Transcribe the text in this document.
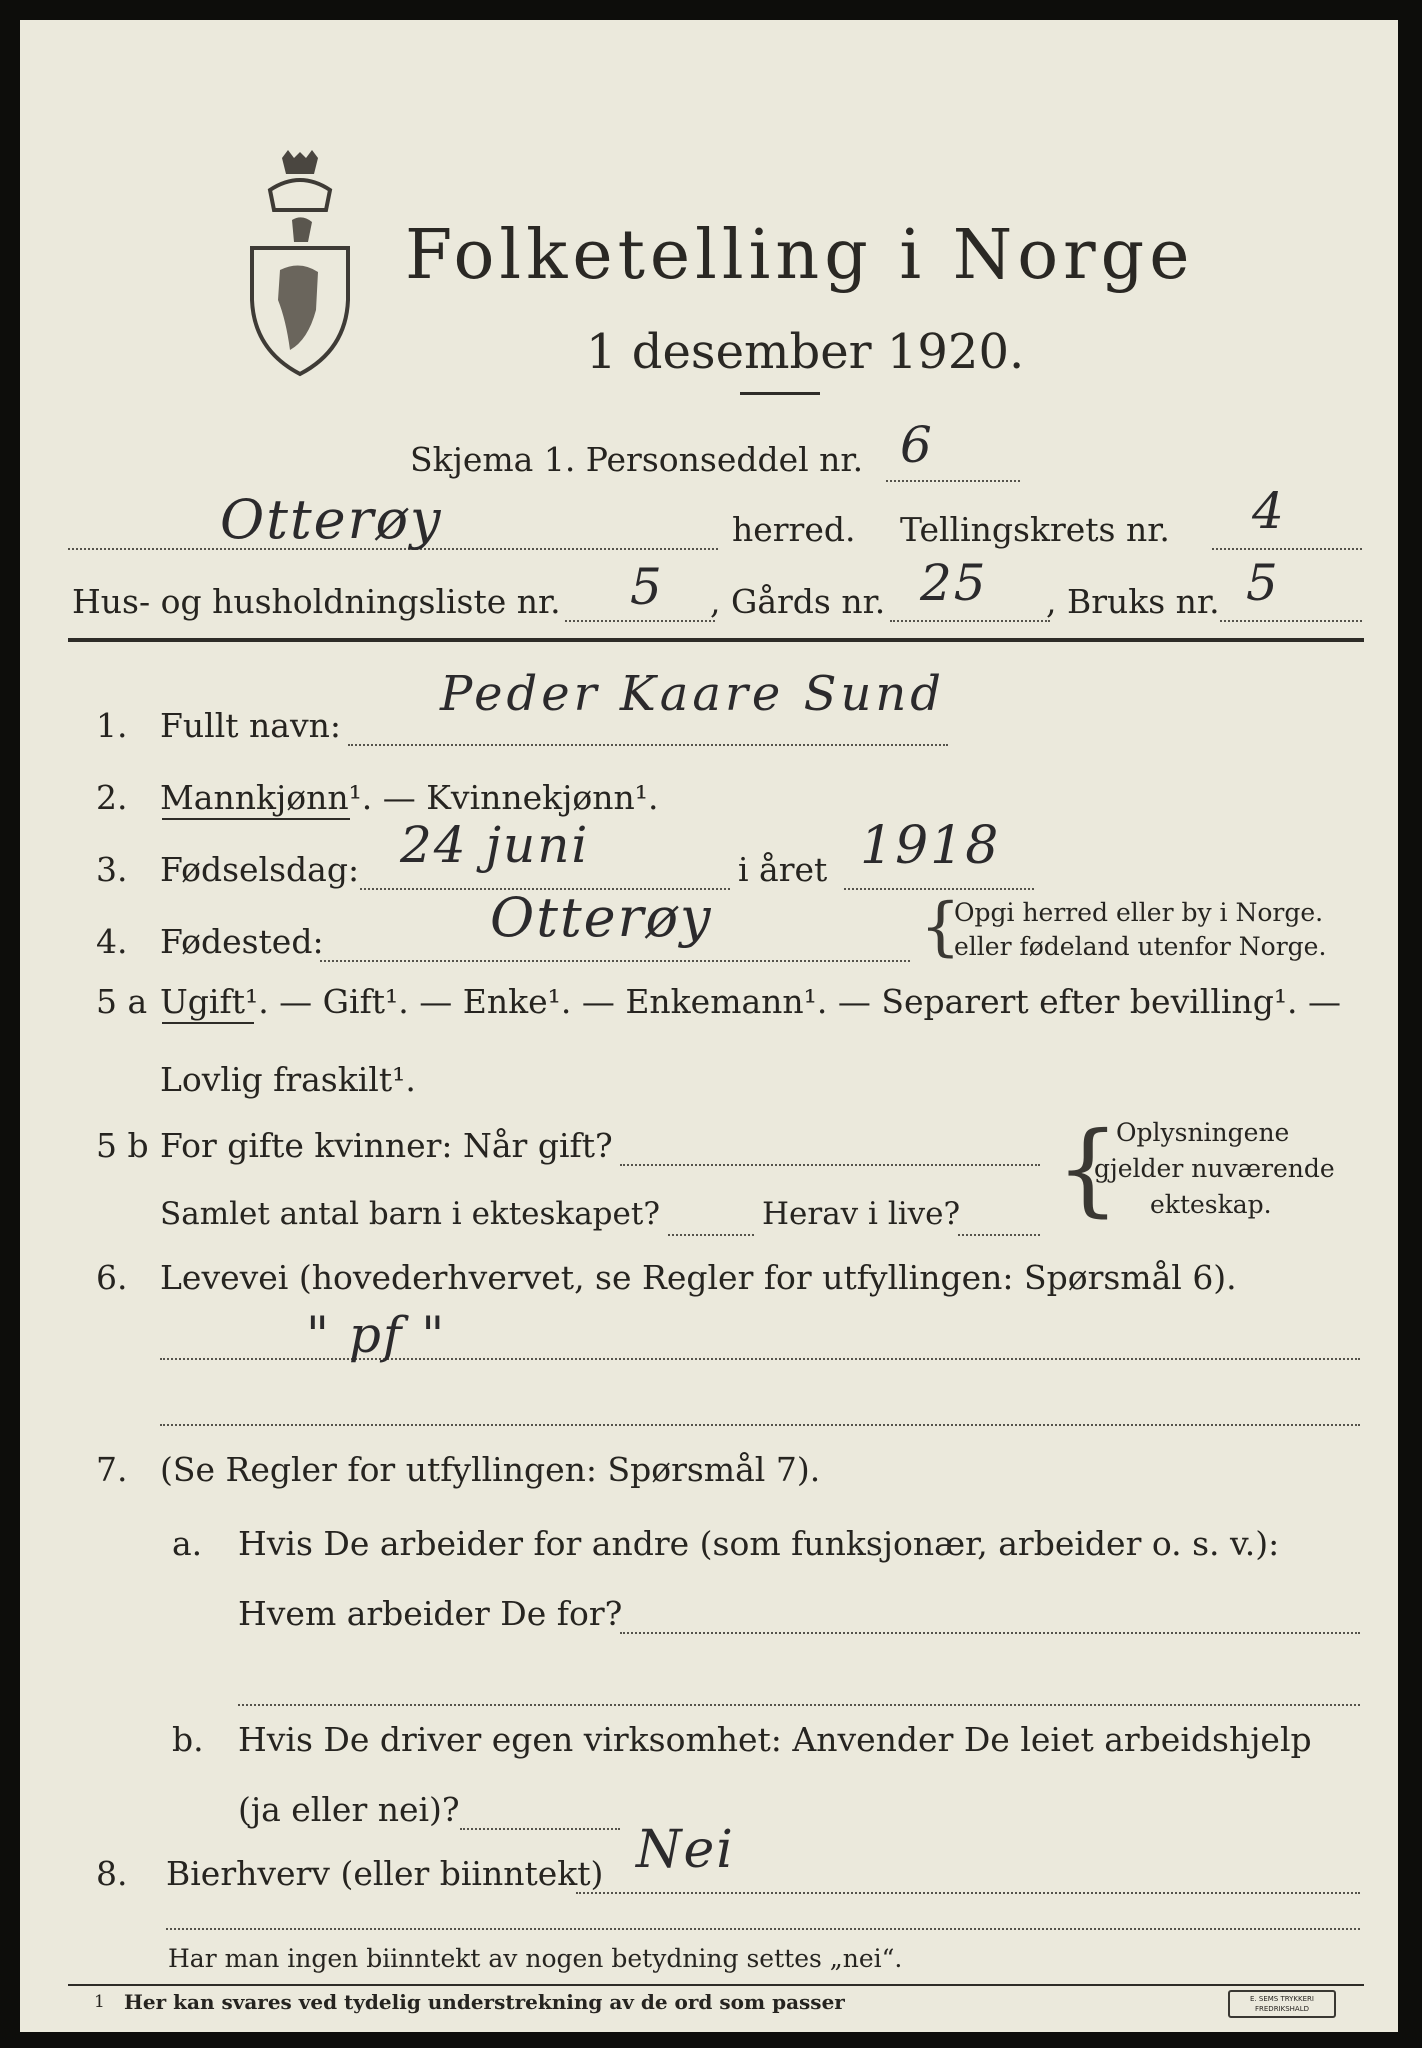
Folketelling i Norge
1 desember 1920.
Skjema 1. Personseddel nr. 6
Otterøy	herred. Tellingskrets nr. 4
Hus- og husholdningsliste nr. 5 , Gårds nr. 25 , Bruks nr. 5
1. Fullt navn:
Peder Kaare Sund
2. Mannkjønn¹. — Kvinnekjønn¹.
3. Fødselsdag: 24 juni	i året 1918
4. Fødested:	Otterøy	{
Opgi herred eller by i Norge.
eller fødeland utenfor Norge.
5 a Ugift¹. — Gift¹. — Enke¹. — Enkemann¹. — Separert efter bevilling¹. —
Lovlig fraskilt¹.
5 b For gifte kvinner: Når gift?
Samlet antal barn i ekteskapet?	Herav i live? {
Oplysningene
gjelder nuværende
ekteskap.
6. Levevei (hovederhvervet, se Regler for utfyllingen: Spørsmål 6).
" pf "
7. (Se Regler for utfyllingen: Spørsmål 7).
a. Hvis De arbeider for andre (som funksjonær, arbeider o. s. v.):
Hvem arbeider De for?
b. Hvis De driver egen virksomhet: Anvender De leiet arbeidshjelp
(ja eller nei)?
8. Bierhverv (eller biinntekt) Nei
Har man ingen biinntekt av nogen betydning settes „nei“.
1 Her kan svares ved tydelig understrekning av de ord som passer	E. SEMS TRYKKERI
FREDRIKSHALD
